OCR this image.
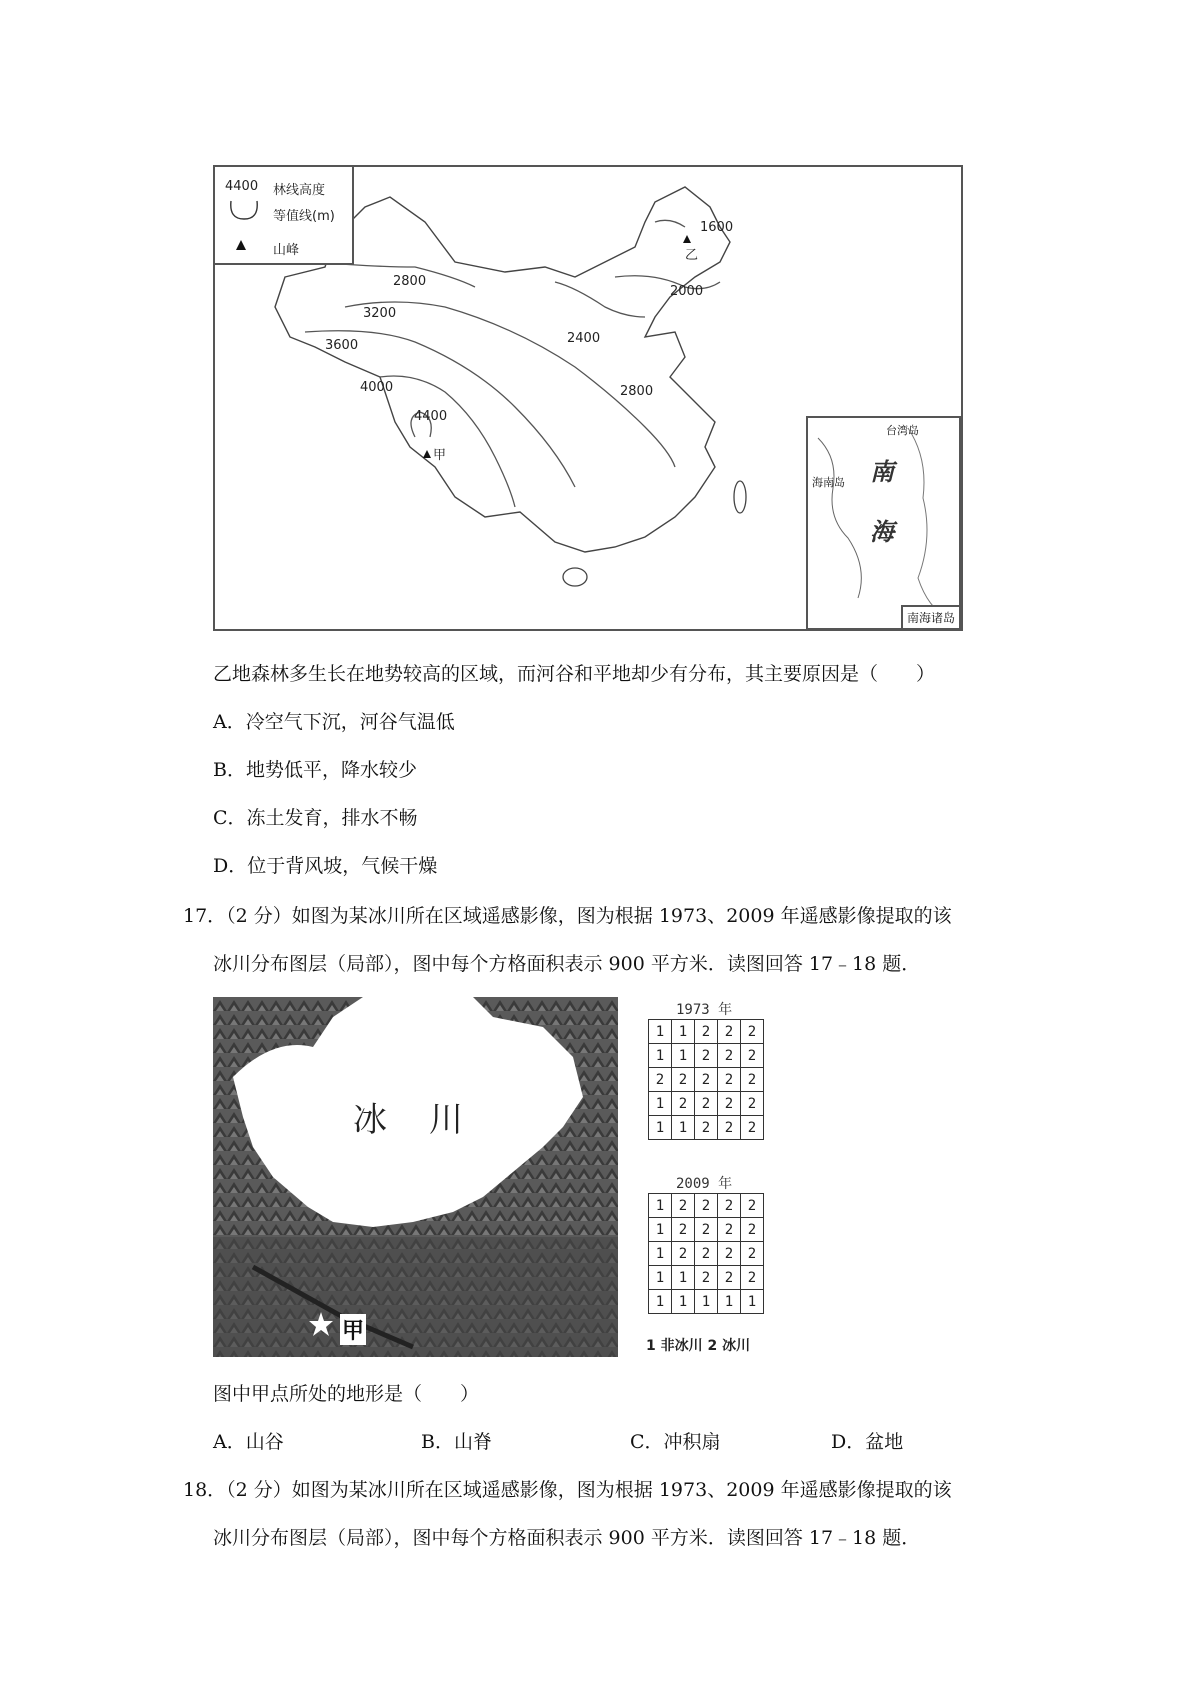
2800
3200
3600
4000
4400
2800
2400
2000
1600
甲
乙
4400 林线高度
等值线(m)
山峰
台湾岛
海南岛 南
海
南海诸岛
乙地森林多生长在地势较高的区域，而河谷和平地却少有分布，其主要原因是（　　）
A．冷空气下沉，河谷气温低
B．地势低平，降水较少
C．冻土发育，排水不畅
D．位于背风坡，气候干燥
17．（2 分）如图为某冰川所在区域遥感影像，图为根据 1973、2009 年遥感影像提取的该
冰川分布图层（局部），图中每个方格面积表示 900 平方米．读图回答 17﹣18 题．
冰　川
甲
1973 年
1	1	2	2	2
1	1	2	2	2
2	2	2	2	2
1	2	2	2	2
1	1	2	2	2
2009 年
1	2	2	2	2
1	2	2	2	2
1	2	2	2	2
1	1	2	2	2
1	1	1	1	1
1 非冰川 2 冰川
图中甲点所处的地形是（　　）
A．山谷	B．山脊	C．冲积扇	D．盆地
18．（2 分）如图为某冰川所在区域遥感影像，图为根据 1973、2009 年遥感影像提取的该
冰川分布图层（局部），图中每个方格面积表示 900 平方米．读图回答 17﹣18 题．
